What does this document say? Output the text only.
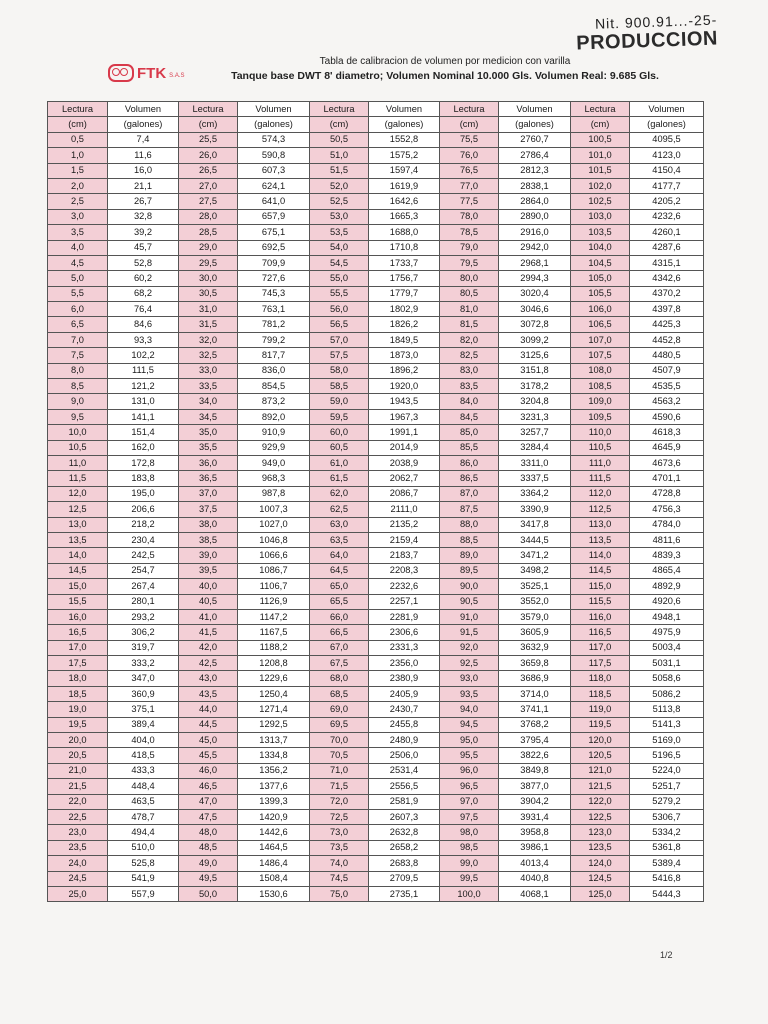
Nit. 900.91...-25-
PRODUCCION
FTK S.A.S
Tabla de calibracion de volumen por medicion con varilla
Tanque base DWT 8' diametro; Volumen Nominal 10.000 Gls. Volumen Real: 9.685 Gls.
Lectura	Volumen	Lectura	Volumen	Lectura	Volumen	Lectura	Volumen	Lectura	Volumen
(cm)	(galones)	(cm)	(galones)	(cm)	(galones)	(cm)	(galones)	(cm)	(galones)
0,5	7,4	25,5	574,3	50,5	1552,8	75,5	2760,7	100,5	4095,5
1,0	11,6	26,0	590,8	51,0	1575,2	76,0	2786,4	101,0	4123,0
1,5	16,0	26,5	607,3	51,5	1597,4	76,5	2812,3	101,5	4150,4
2,0	21,1	27,0	624,1	52,0	1619,9	77,0	2838,1	102,0	4177,7
2,5	26,7	27,5	641,0	52,5	1642,6	77,5	2864,0	102,5	4205,2
3,0	32,8	28,0	657,9	53,0	1665,3	78,0	2890,0	103,0	4232,6
3,5	39,2	28,5	675,1	53,5	1688,0	78,5	2916,0	103,5	4260,1
4,0	45,7	29,0	692,5	54,0	1710,8	79,0	2942,0	104,0	4287,6
4,5	52,8	29,5	709,9	54,5	1733,7	79,5	2968,1	104,5	4315,1
5,0	60,2	30,0	727,6	55,0	1756,7	80,0	2994,3	105,0	4342,6
5,5	68,2	30,5	745,3	55,5	1779,7	80,5	3020,4	105,5	4370,2
6,0	76,4	31,0	763,1	56,0	1802,9	81,0	3046,6	106,0	4397,8
6,5	84,6	31,5	781,2	56,5	1826,2	81,5	3072,8	106,5	4425,3
7,0	93,3	32,0	799,2	57,0	1849,5	82,0	3099,2	107,0	4452,8
7,5	102,2	32,5	817,7	57,5	1873,0	82,5	3125,6	107,5	4480,5
8,0	111,5	33,0	836,0	58,0	1896,2	83,0	3151,8	108,0	4507,9
8,5	121,2	33,5	854,5	58,5	1920,0	83,5	3178,2	108,5	4535,5
9,0	131,0	34,0	873,2	59,0	1943,5	84,0	3204,8	109,0	4563,2
9,5	141,1	34,5	892,0	59,5	1967,3	84,5	3231,3	109,5	4590,6
10,0	151,4	35,0	910,9	60,0	1991,1	85,0	3257,7	110,0	4618,3
10,5	162,0	35,5	929,9	60,5	2014,9	85,5	3284,4	110,5	4645,9
11,0	172,8	36,0	949,0	61,0	2038,9	86,0	3311,0	111,0	4673,6
11,5	183,8	36,5	968,3	61,5	2062,7	86,5	3337,5	111,5	4701,1
12,0	195,0	37,0	987,8	62,0	2086,7	87,0	3364,2	112,0	4728,8
12,5	206,6	37,5	1007,3	62,5	2111,0	87,5	3390,9	112,5	4756,3
13,0	218,2	38,0	1027,0	63,0	2135,2	88,0	3417,8	113,0	4784,0
13,5	230,4	38,5	1046,8	63,5	2159,4	88,5	3444,5	113,5	4811,6
14,0	242,5	39,0	1066,6	64,0	2183,7	89,0	3471,2	114,0	4839,3
14,5	254,7	39,5	1086,7	64,5	2208,3	89,5	3498,2	114,5	4865,4
15,0	267,4	40,0	1106,7	65,0	2232,6	90,0	3525,1	115,0	4892,9
15,5	280,1	40,5	1126,9	65,5	2257,1	90,5	3552,0	115,5	4920,6
16,0	293,2	41,0	1147,2	66,0	2281,9	91,0	3579,0	116,0	4948,1
16,5	306,2	41,5	1167,5	66,5	2306,6	91,5	3605,9	116,5	4975,9
17,0	319,7	42,0	1188,2	67,0	2331,3	92,0	3632,9	117,0	5003,4
17,5	333,2	42,5	1208,8	67,5	2356,0	92,5	3659,8	117,5	5031,1
18,0	347,0	43,0	1229,6	68,0	2380,9	93,0	3686,9	118,0	5058,6
18,5	360,9	43,5	1250,4	68,5	2405,9	93,5	3714,0	118,5	5086,2
19,0	375,1	44,0	1271,4	69,0	2430,7	94,0	3741,1	119,0	5113,8
19,5	389,4	44,5	1292,5	69,5	2455,8	94,5	3768,2	119,5	5141,3
20,0	404,0	45,0	1313,7	70,0	2480,9	95,0	3795,4	120,0	5169,0
20,5	418,5	45,5	1334,8	70,5	2506,0	95,5	3822,6	120,5	5196,5
21,0	433,3	46,0	1356,2	71,0	2531,4	96,0	3849,8	121,0	5224,0
21,5	448,4	46,5	1377,6	71,5	2556,5	96,5	3877,0	121,5	5251,7
22,0	463,5	47,0	1399,3	72,0	2581,9	97,0	3904,2	122,0	5279,2
22,5	478,7	47,5	1420,9	72,5	2607,3	97,5	3931,4	122,5	5306,7
23,0	494,4	48,0	1442,6	73,0	2632,8	98,0	3958,8	123,0	5334,2
23,5	510,0	48,5	1464,5	73,5	2658,2	98,5	3986,1	123,5	5361,8
24,0	525,8	49,0	1486,4	74,0	2683,8	99,0	4013,4	124,0	5389,4
24,5	541,9	49,5	1508,4	74,5	2709,5	99,5	4040,8	124,5	5416,8
25,0	557,9	50,0	1530,6	75,0	2735,1	100,0	4068,1	125,0	5444,3
1/2
